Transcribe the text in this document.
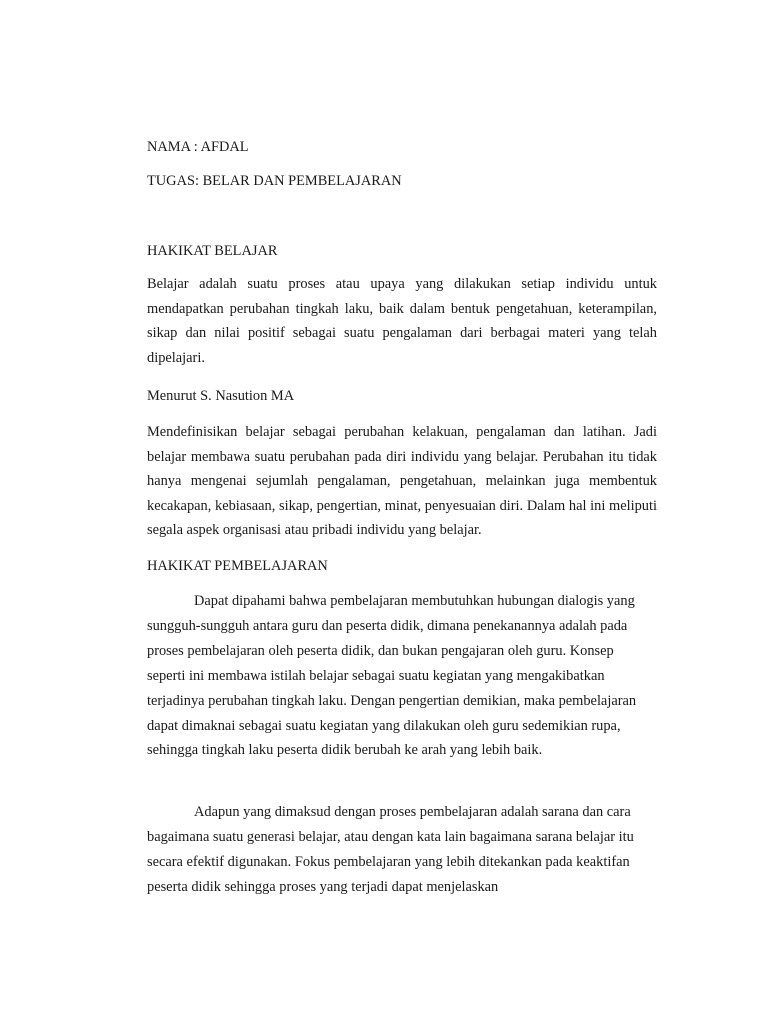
NAMA : AFDAL

TUGAS: BELAR DAN PEMBELAJARAN

HAKIKAT BELAJAR

Belajar adalah suatu proses atau upaya yang dilakukan setiap individu untuk mendapatkan perubahan tingkah laku, baik dalam bentuk pengetahuan, keterampilan, sikap dan nilai positif sebagai suatu pengalaman dari berbagai materi yang telah dipelajari.

Menurut S. Nasution MA

Mendefinisikan belajar sebagai perubahan kelakuan, pengalaman dan latihan. Jadi belajar membawa suatu perubahan pada diri individu yang belajar. Perubahan itu tidak hanya mengenai sejumlah pengalaman, pengetahuan, melainkan juga membentuk kecakapan, kebiasaan, sikap, pengertian, minat, penyesuaian diri. Dalam hal ini meliputi segala aspek organisasi atau pribadi individu yang belajar.

HAKIKAT PEMBELAJARAN

Dapat dipahami bahwa pembelajaran membutuhkan hubungan dialogis yang sungguh-sungguh antara guru dan peserta didik, dimana penekanannya adalah pada proses pembelajaran oleh peserta didik, dan bukan pengajaran oleh guru. Konsep seperti ini membawa istilah belajar sebagai suatu kegiatan yang mengakibatkan terjadinya perubahan tingkah laku. Dengan pengertian demikian, maka pembelajaran dapat dimaknai sebagai suatu kegiatan yang dilakukan oleh guru sedemikian rupa, sehingga tingkah laku peserta didik berubah ke arah yang lebih baik.

Adapun yang dimaksud dengan proses pembelajaran adalah sarana dan cara bagaimana suatu generasi belajar, atau dengan kata lain bagaimana sarana belajar itu secara efektif digunakan. Fokus pembelajaran yang lebih ditekankan pada keaktifan peserta didik sehingga proses yang terjadi dapat menjelaskan
